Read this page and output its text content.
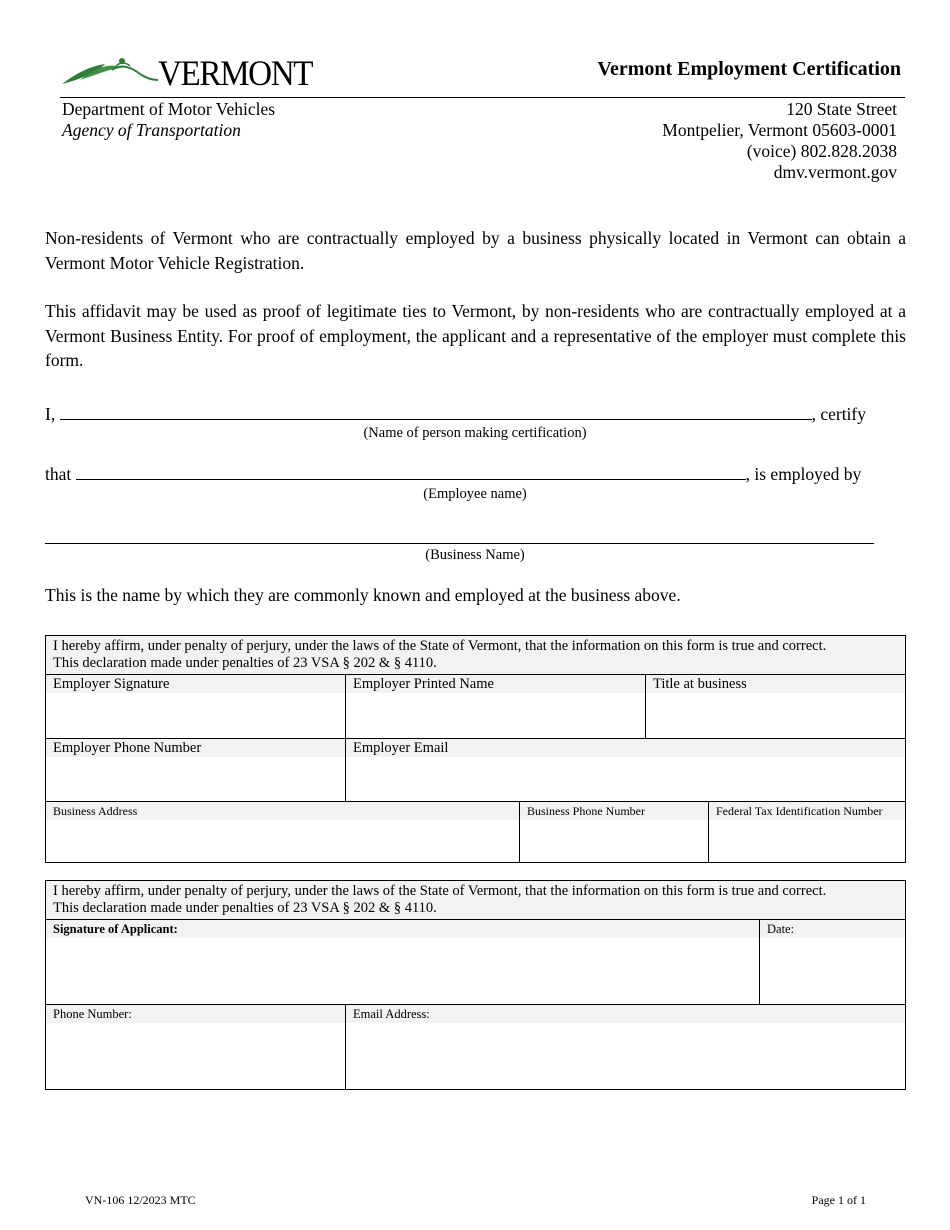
VERMONT	Vermont Employment Certification
Department of Motor Vehicles
Agency of Transportation
120 State Street
Montpelier, Vermont 05603-0001
(voice) 802.828.2038
dmv.vermont.gov
Non-residents of Vermont who are contractually employed by a business physically located in Vermont can obtain a Vermont Motor Vehicle Registration.
This affidavit may be used as proof of legitimate ties to Vermont, by non-residents who are contractually employed at a Vermont Business Entity. For proof of employment, the applicant and a representative of the employer must complete this form.
I,	, certify
(Name of person making certification)
that	, is employed by
(Employee name)
(Business Name)
This is the name by which they are commonly known and employed at the business above.
I hereby affirm, under penalty of perjury, under the laws of the State of Vermont, that the information on this form is true and correct.
This declaration made under penalties of 23 VSA § 202 & § 4110.
Employer Signature	Employer Printed Name	Title at business
Employer Phone Number	Employer Email
Business Address	Business Phone Number	Federal Tax Identification Number
I hereby affirm, under penalty of perjury, under the laws of the State of Vermont, that the information on this form is true and correct.
This declaration made under penalties of 23 VSA § 202 & § 4110.
Signature of Applicant:	Date:
Phone Number:	Email Address:
VN-106 12/2023 MTC	Page 1 of 1
